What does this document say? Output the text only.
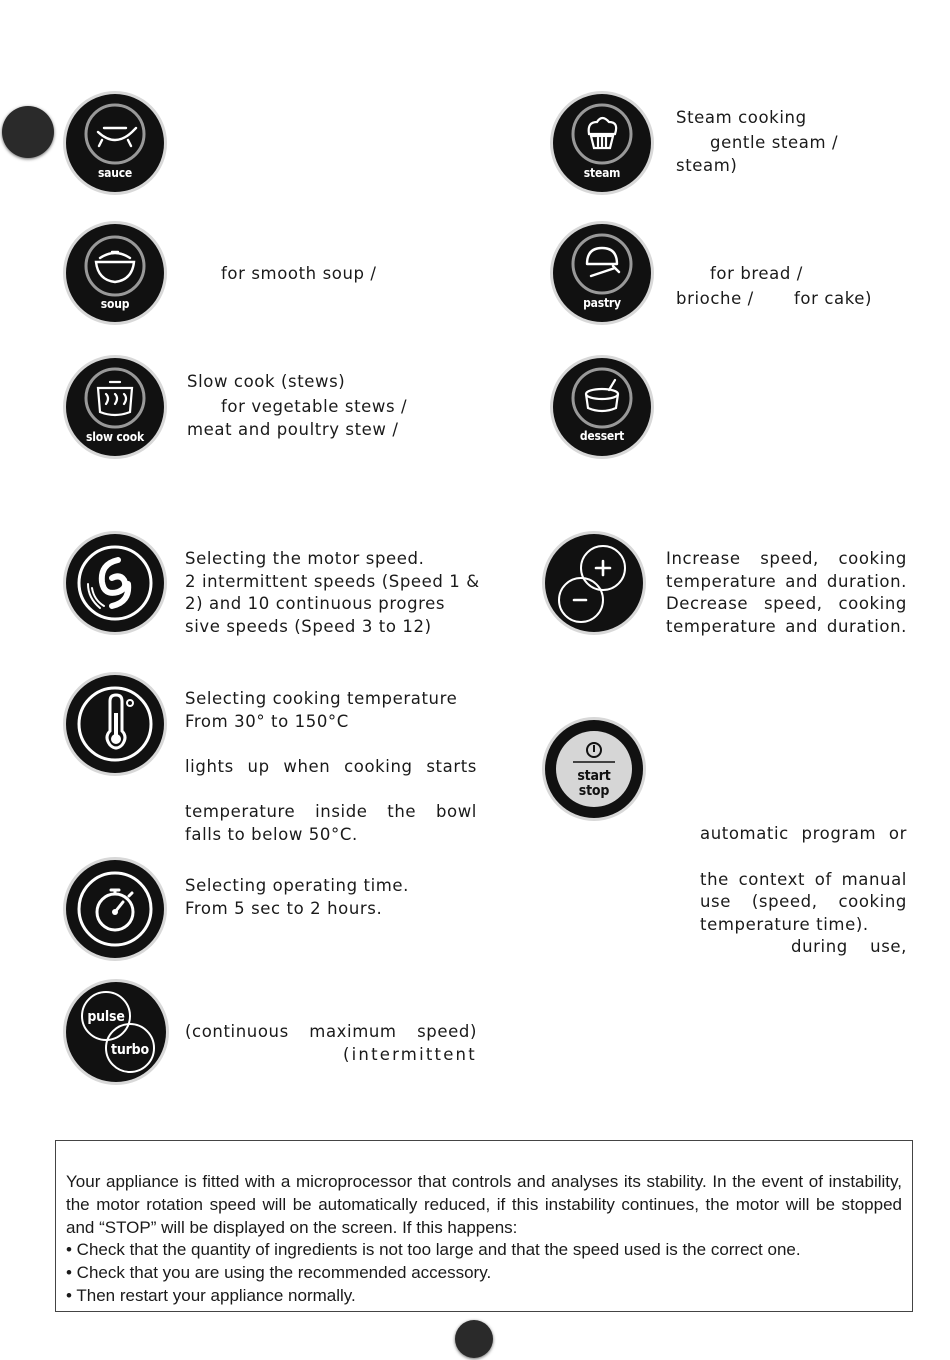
sauce
soup
slow cook
steam
pastry
dessert
for smooth soup /
Slow cook (stews)
for vegetable stews /
meat and poultry stew /
Steam cooking
gentle steam /
steam)
for bread /
brioche / for cake)
Selecting the motor speed.
2 intermittent speeds (Speed 1 &
2) and 10 continuous progres
sive speeds (Speed 3 to 12)
Increase speed, cooking
temperature and duration.
Decrease speed, cooking
temperature and duration.
Selecting cooking temperature
From 30° to 150°C
lights up when cooking starts
temperature inside the bowl
falls to below 50°C.
start
stop
automatic program or
the context of manual
use (speed, cooking
temperature time).
during use,
Selecting operating time.
From 5 sec to 2 hours.
pulse
turbo
(continuous maximum speed)
(intermittent

Your appliance is fitted with a microprocessor that controls and analyses its stability. In the event of instability, the motor rotation speed will be automatically reduced, if this instability continues, the motor will be stopped and “STOP” will be displayed on the screen. If this happens:

• Check that the quantity of ingredients is not too large and that the speed used is the correct one.

• Check that you are using the recommended accessory.

• Then restart your appliance normally.
